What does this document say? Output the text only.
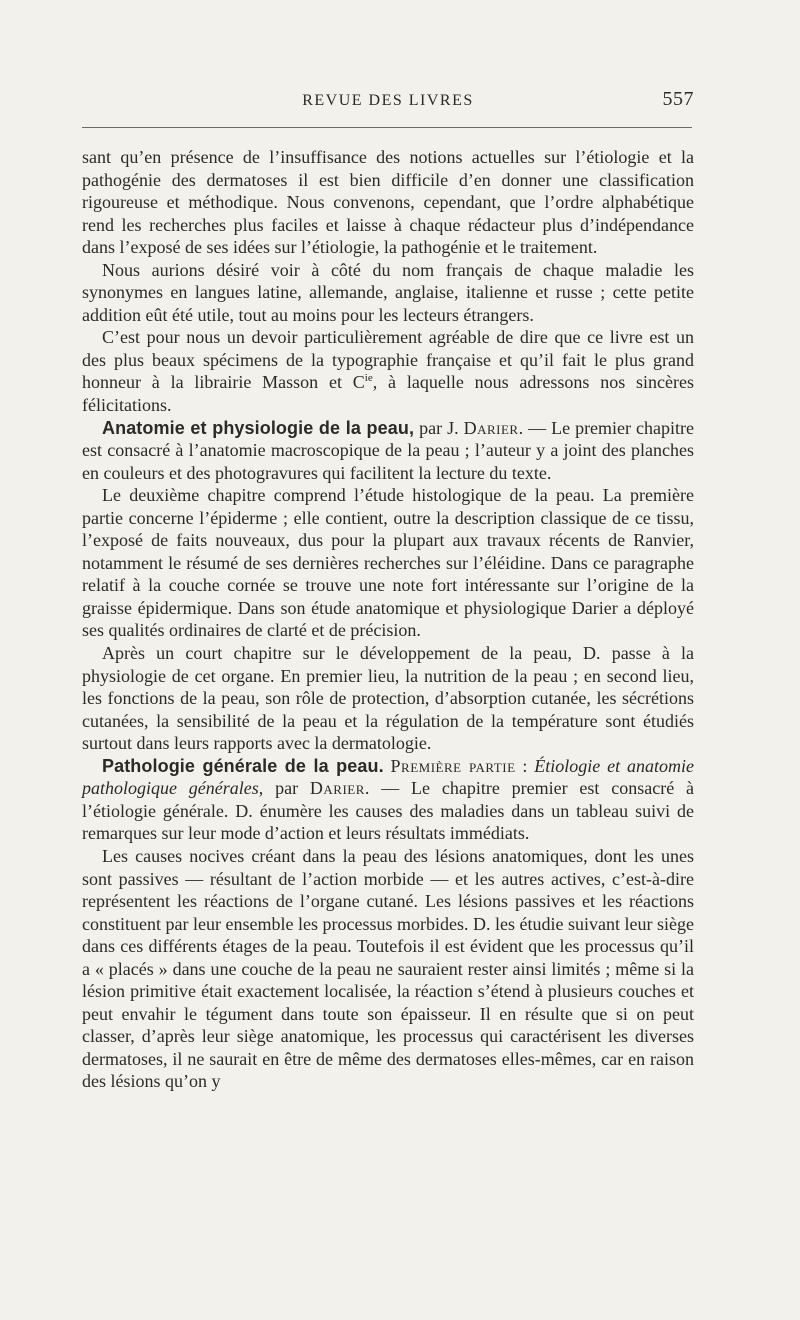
REVUE DES LIVRES	557

sant qu’en présence de l’insuffisance des notions actuelles sur l’étiologie et la pathogénie des dermatoses il est bien difficile d’en donner une classification rigoureuse et méthodique. Nous convenons, cependant, que l’ordre alphabétique rend les recherches plus faciles et laisse à chaque rédacteur plus d’indépendance dans l’exposé de ses idées sur l’étiologie, la pathogénie et le traitement.

Nous aurions désiré voir à côté du nom français de chaque maladie les synonymes en langues latine, allemande, anglaise, italienne et russe ; cette petite addition eût été utile, tout au moins pour les lecteurs étrangers.

C’est pour nous un devoir particulièrement agréable de dire que ce livre est un des plus beaux spécimens de la typographie française et qu’il fait le plus grand honneur à la librairie Masson et $C^{ie}$, à laquelle nous adressons nos sincères félicitations.

Anatomie et physiologie de la peau, par J. Darier. — Le premier chapitre est consacré à l’anatomie macroscopique de la peau ; l’auteur y a joint des planches en couleurs et des photogravures qui facilitent la lecture du texte.

Le deuxième chapitre comprend l’étude histologique de la peau. La première partie concerne l’épiderme ; elle contient, outre la description classique de ce tissu, l’exposé de faits nouveaux, dus pour la plupart aux travaux récents de Ranvier, notamment le résumé de ses dernières recherches sur l’éléidine. Dans ce paragraphe relatif à la couche cornée se trouve une note fort intéressante sur l’origine de la graisse épidermique. Dans son étude anatomique et physiologique Darier a déployé ses qualités ordinaires de clarté et de précision.

Après un court chapitre sur le développement de la peau, D. passe à la physiologie de cet organe. En premier lieu, la nutrition de la peau ; en second lieu, les fonctions de la peau, son rôle de protection, d’absorption cutanée, les sécrétions cutanées, la sensibilité de la peau et la régulation de la température sont étudiés surtout dans leurs rapports avec la dermatologie.

Pathologie générale de la peau. Première partie : Étiologie et anatomie pathologique générales, par Darier. — Le chapitre premier est consacré à l’étiologie générale. D. énumère les causes des maladies dans un tableau suivi de remarques sur leur mode d’action et leurs résultats immédiats.

Les causes nocives créant dans la peau des lésions anatomiques, dont les unes sont passives — résultant de l’action morbide — et les autres actives, c’est-à-dire représentent les réactions de l’organe cutané. Les lésions passives et les réactions constituent par leur ensemble les processus morbides. D. les étudie suivant leur siège dans ces différents étages de la peau. Toutefois il est évident que les processus qu’il a « placés » dans une couche de la peau ne sauraient rester ainsi limités ; même si la lésion primitive était exactement localisée, la réaction s’étend à plusieurs couches et peut envahir le tégument dans toute son épaisseur. Il en résulte que si on peut classer, d’après leur siège anatomique, les processus qui caractérisent les diverses dermatoses, il ne saurait en être de même des dermatoses elles-mêmes, car en raison des lésions qu’on y
